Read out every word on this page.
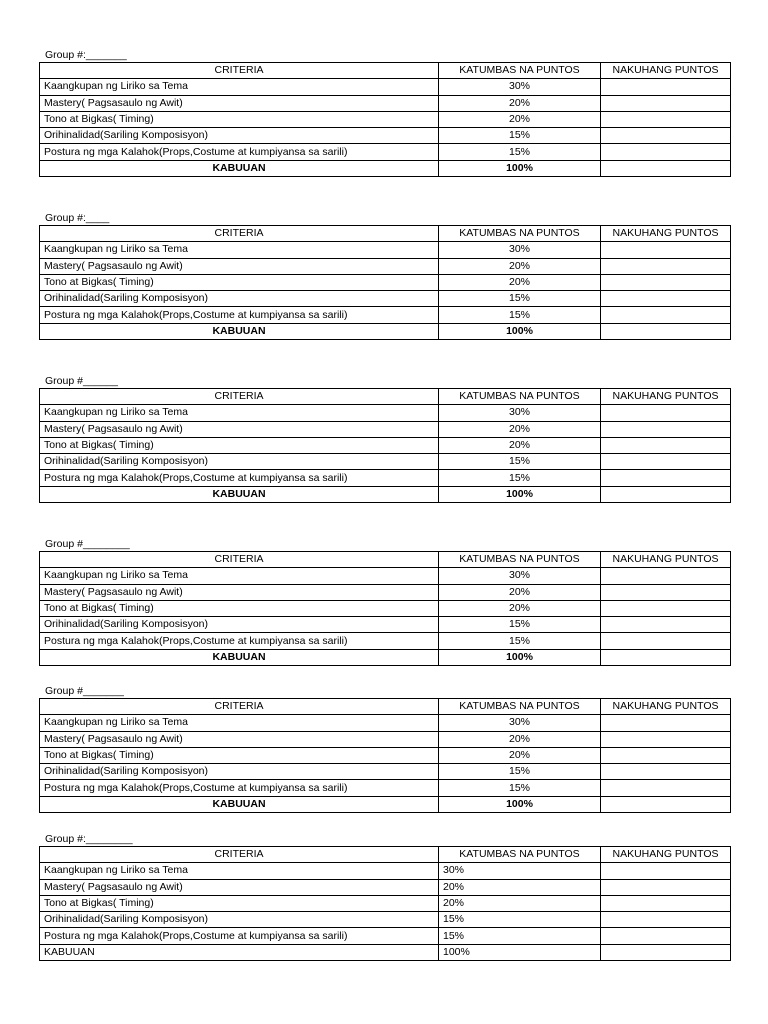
Group #:_______
CRITERIA	KATUMBAS NA PUNTOS	NAKUHANG PUNTOS
Kaangkupan ng Liriko sa Tema	30%	
Mastery( Pagsasaulo ng Awit)	20%	
Tono at Bigkas( Timing)	20%	
Orihinalidad(Sariling Komposisyon)	15%	
Postura ng mga Kalahok(Props,Costume at kumpiyansa sa sarili)	15%	
KABUUAN	100%	
Group #:____
CRITERIA	KATUMBAS NA PUNTOS	NAKUHANG PUNTOS
Kaangkupan ng Liriko sa Tema	30%	
Mastery( Pagsasaulo ng Awit)	20%	
Tono at Bigkas( Timing)	20%	
Orihinalidad(Sariling Komposisyon)	15%	
Postura ng mga Kalahok(Props,Costume at kumpiyansa sa sarili)	15%	
KABUUAN	100%	
Group #______
CRITERIA	KATUMBAS NA PUNTOS	NAKUHANG PUNTOS
Kaangkupan ng Liriko sa Tema	30%	
Mastery( Pagsasaulo ng Awit)	20%	
Tono at Bigkas( Timing)	20%	
Orihinalidad(Sariling Komposisyon)	15%	
Postura ng mga Kalahok(Props,Costume at kumpiyansa sa sarili)	15%	
KABUUAN	100%	
Group #________
CRITERIA	KATUMBAS NA PUNTOS	NAKUHANG PUNTOS
Kaangkupan ng Liriko sa Tema	30%	
Mastery( Pagsasaulo ng Awit)	20%	
Tono at Bigkas( Timing)	20%	
Orihinalidad(Sariling Komposisyon)	15%	
Postura ng mga Kalahok(Props,Costume at kumpiyansa sa sarili)	15%	
KABUUAN	100%	
Group #_______
CRITERIA	KATUMBAS NA PUNTOS	NAKUHANG PUNTOS
Kaangkupan ng Liriko sa Tema	30%	
Mastery( Pagsasaulo ng Awit)	20%	
Tono at Bigkas( Timing)	20%	
Orihinalidad(Sariling Komposisyon)	15%	
Postura ng mga Kalahok(Props,Costume at kumpiyansa sa sarili)	15%	
KABUUAN	100%	
Group #:________
CRITERIA	KATUMBAS NA PUNTOS	NAKUHANG PUNTOS
Kaangkupan ng Liriko sa Tema	30%	
Mastery( Pagsasaulo ng Awit)	20%	
Tono at Bigkas( Timing)	20%	
Orihinalidad(Sariling Komposisyon)	15%	
Postura ng mga Kalahok(Props,Costume at kumpiyansa sa sarili)	15%	
KABUUAN	100%	
